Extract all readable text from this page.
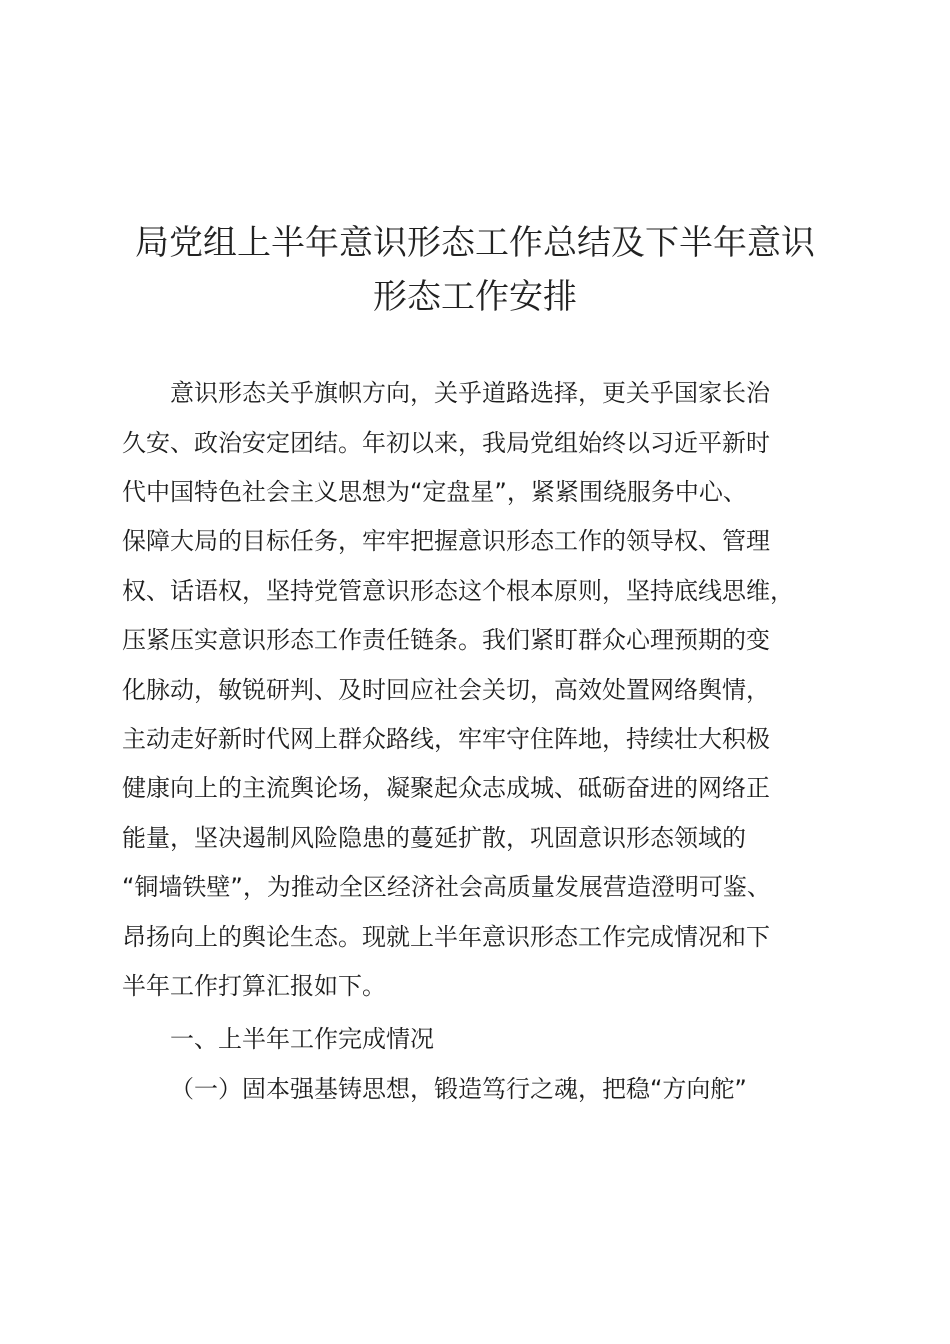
局党组上半年意识形态工作总结及下半年意识
形态工作安排
意识形态关乎旗帜方向，关乎道路选择，更关乎国家长治
久安、政治安定团结。年初以来，我局党组始终以习近平新时
代中国特色社会主义思想为“定盘星”，紧紧围绕服务中心、
保障大局的目标任务，牢牢把握意识形态工作的领导权、管理
权、话语权，坚持党管意识形态这个根本原则，坚持底线思维，
压紧压实意识形态工作责任链条。我们紧盯群众心理预期的变
化脉动，敏锐研判、及时回应社会关切，高效处置网络舆情，
主动走好新时代网上群众路线，牢牢守住阵地，持续壮大积极
健康向上的主流舆论场，凝聚起众志成城、砥砺奋进的网络正
能量，坚决遏制风险隐患的蔓延扩散，巩固意识形态领域的
“铜墙铁壁”，为推动全区经济社会高质量发展营造澄明可鉴、
昂扬向上的舆论生态。现就上半年意识形态工作完成情况和下
半年工作打算汇报如下。
一、上半年工作完成情况
（一）固本强基铸思想，锻造笃行之魂，把稳“方向舵”
